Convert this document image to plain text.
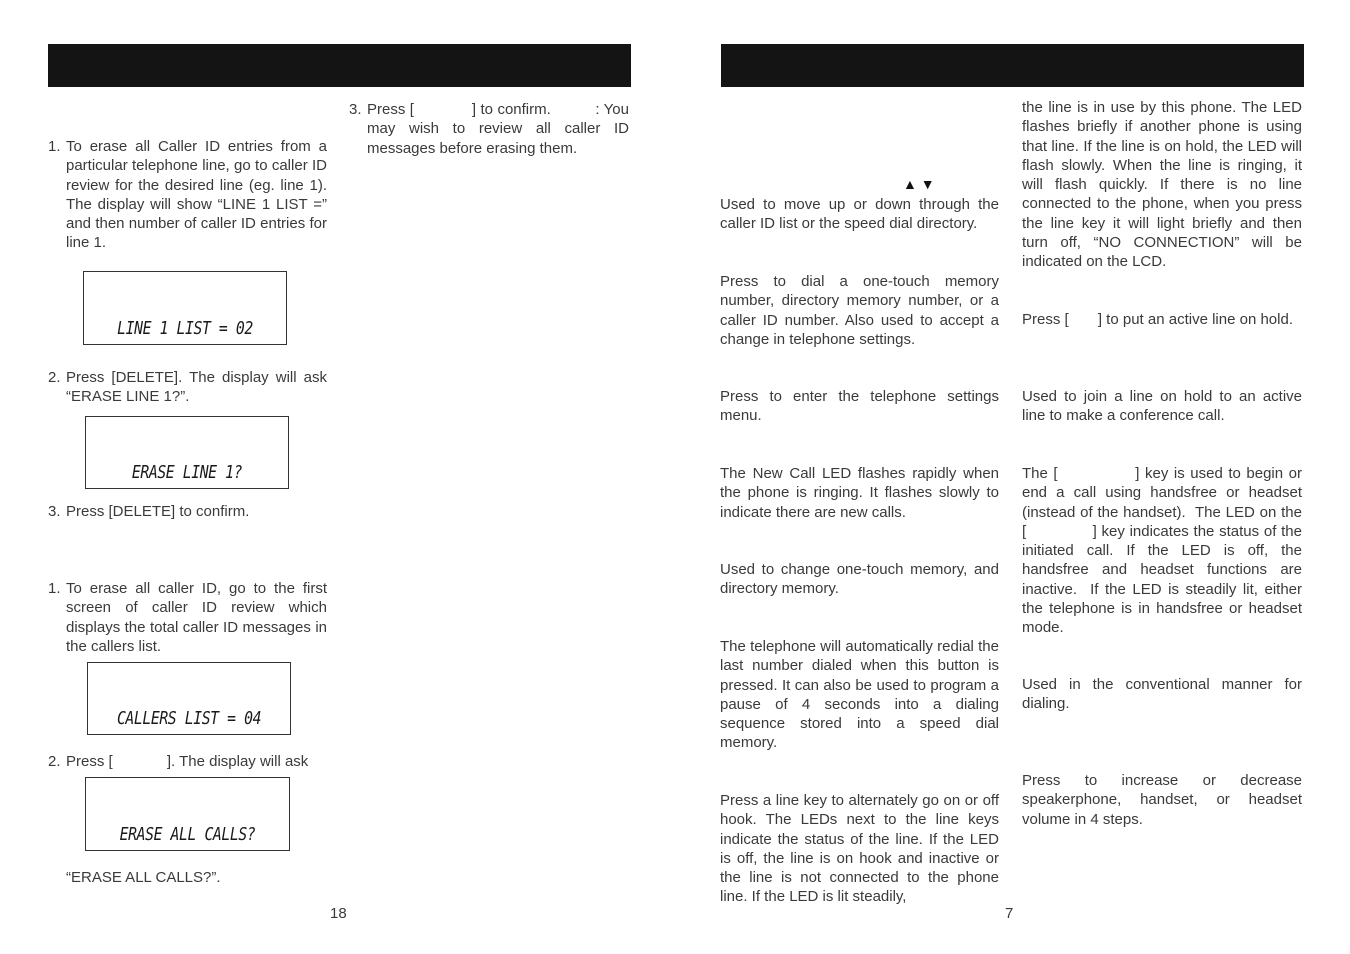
1. To erase all Caller ID entries from a particular telephone line, go to caller ID review for the desired line (eg. line 1). The display will show “LINE 1 LIST =” and then number of caller ID entries for line 1.
LINE 1 LIST = 02
2. Press [DELETE]. The display will ask “ERASE LINE 1?”.
ERASE LINE 1?
3. Press [DELETE] to confirm.
1. To erase all caller ID, go to the first screen of caller ID review which displays the total caller ID messages in the callers list.
CALLERS LIST = 04
2. Press [             ]. The display will ask
ERASE ALL CALLS?
“ERASE ALL CALLS?”.
3. Press [             ] to confirm.          : You may wish to review all caller ID messages before erasing them.
18
▲ ▼
Used to move up or down through the caller ID list or the speed dial directory.
Press to dial a one-touch memory number, directory memory number, or a caller ID number. Also used to accept a change in telephone settings.
Press to enter the telephone settings menu.
The New Call LED flashes rapidly when the phone is ringing. It flashes slowly to indicate there are new calls.
Used to change one-touch memory, and directory memory.
The telephone will automatically redial the last number dialed when this button is pressed. It can also be used to program a pause of 4 seconds into a dialing sequence stored into a speed dial memory.
Press a line key to alternately go on or off hook. The LEDs next to the line keys indicate the status of the line. If the LED is off, the line is on hook and inactive or the line is not connected to the phone line. If the LED is lit steadily,
the line is in use by this phone. The LED flashes briefly if another phone is using that line. If the line is on hold, the LED will flash slowly. When the line is ringing, it will flash quickly. If there is no line connected to the phone, when you press the line key it will light briefly and then turn off, “NO CONNECTION” will be indicated on the LCD.
Press [       ] to put an active line on hold.
Used to join a line on hold to an active line to make a conference call.
The [              ] key is used to begin or end a call using handsfree or headset (instead of the handset).  The LED on the [              ] key indicates the status of the initiated call. If the LED is off, the handsfree and headset functions are inactive.  If the LED is steadily lit, either the telephone is in handsfree or headset mode.
Used in the conventional manner for dialing.
Press to increase or decrease speakerphone, handset, or headset volume in 4 steps.
7
